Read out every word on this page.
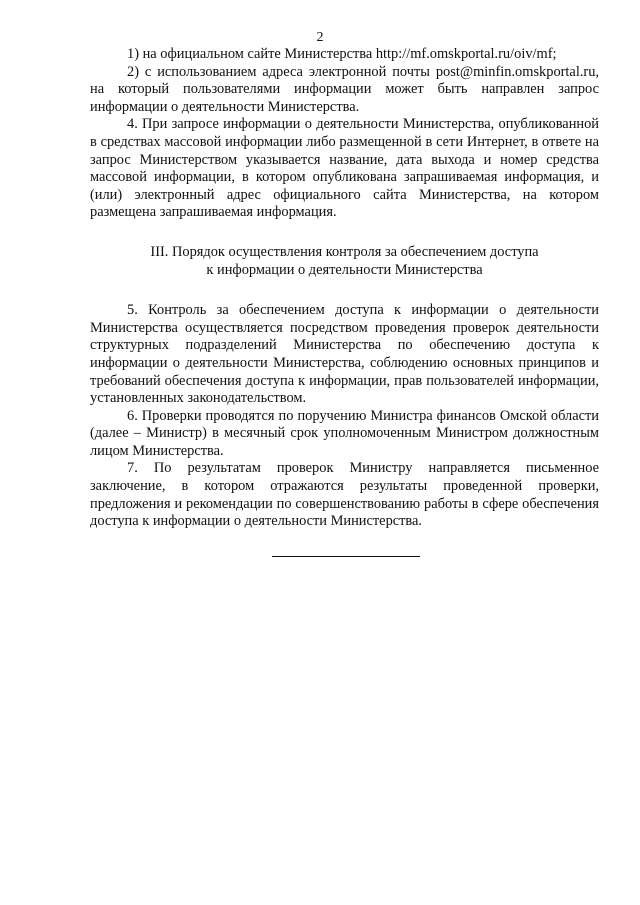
2

1) на официальном сайте Министерства http://mf.omskportal.ru/oiv/mf;

2) с использованием адреса электронной почты post@minfin.omskportal.ru, на который пользователями информации может быть направлен запрос информации о деятельности Министерства.

4. При запросе информации о деятельности Министерства, опубликованной в средствах массовой информации либо размещенной в сети Интернет, в ответе на запрос Министерством указывается название, дата выхода и номер средства массовой информации, в котором опубликована запрашиваемая информация, и (или) электронный адрес официального сайта Министерства, на котором размещена запрашиваемая информация.

III. Порядок осуществления контроля за обеспечением доступа
к информации о деятельности Министерства

5. Контроль за обеспечением доступа к информации о деятельности Министерства осуществляется посредством проведения проверок деятельности структурных подразделений Министерства по обеспечению доступа к информации о деятельности Министерства, соблюдению основных принципов и требований обеспечения доступа к информации, прав пользователей информации, установленных законодательством.

6. Проверки проводятся по поручению Министра финансов Омской области (далее – Министр) в месячный срок уполномоченным Министром должностным лицом Министерства.

7. По результатам проверок Министру направляется письменное заключение, в котором отражаются результаты проведенной проверки, предложения и рекомендации по совершенствованию работы в сфере обеспечения доступа к информации о деятельности Министерства.
